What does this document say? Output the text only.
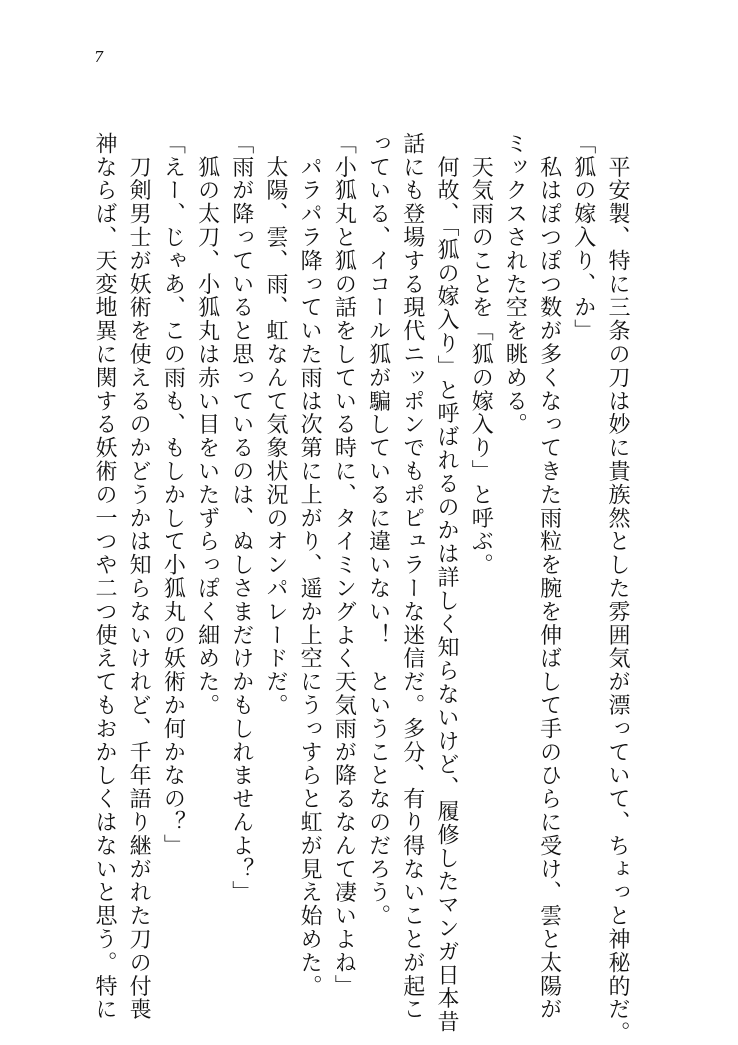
7

　平安製、特に三条の刀は妙に貴族然とした雰囲気が漂っていて、ちょっと神秘的だ。

「狐の嫁入り、か」

　私はぽつぽつ数が多くなってきた雨粒を腕を伸ばして手のひらに受け、雲と太陽が

ミックスされた空を眺める。

　天気雨のことを「狐の嫁入り」と呼ぶ。

　何故、「狐の嫁入り」と呼ばれるのかは詳しく知らないけど、履修したマンガ日本昔

話にも登場する現代ニッポンでもポピュラーな迷信だ。多分、有り得ないことが起こ

っている、イコール狐が騙しているに違いない！　ということなのだろう。

「小狐丸と狐の話をしている時に、タイミングよく天気雨が降るなんて凄いよね」

　パラパラ降っていた雨は次第に上がり、遥か上空にうっすらと虹が見え始めた。

　太陽、雲、雨、虹なんて気象状況のオンパレードだ。

「雨が降っていると思っているのは、ぬしさまだけかもしれませんよ？」

　狐の太刀、小狐丸は赤い目をいたずらっぽく細めた。

「えー、じゃあ、この雨も、もしかして小狐丸の妖術か何かなの？」

　刀剣男士が妖術を使えるのかどうかは知らないけれど、千年語り継がれた刀の付喪

神ならば、天変地異に関する妖術の一つや二つ使えてもおかしくはないと思う。特に
